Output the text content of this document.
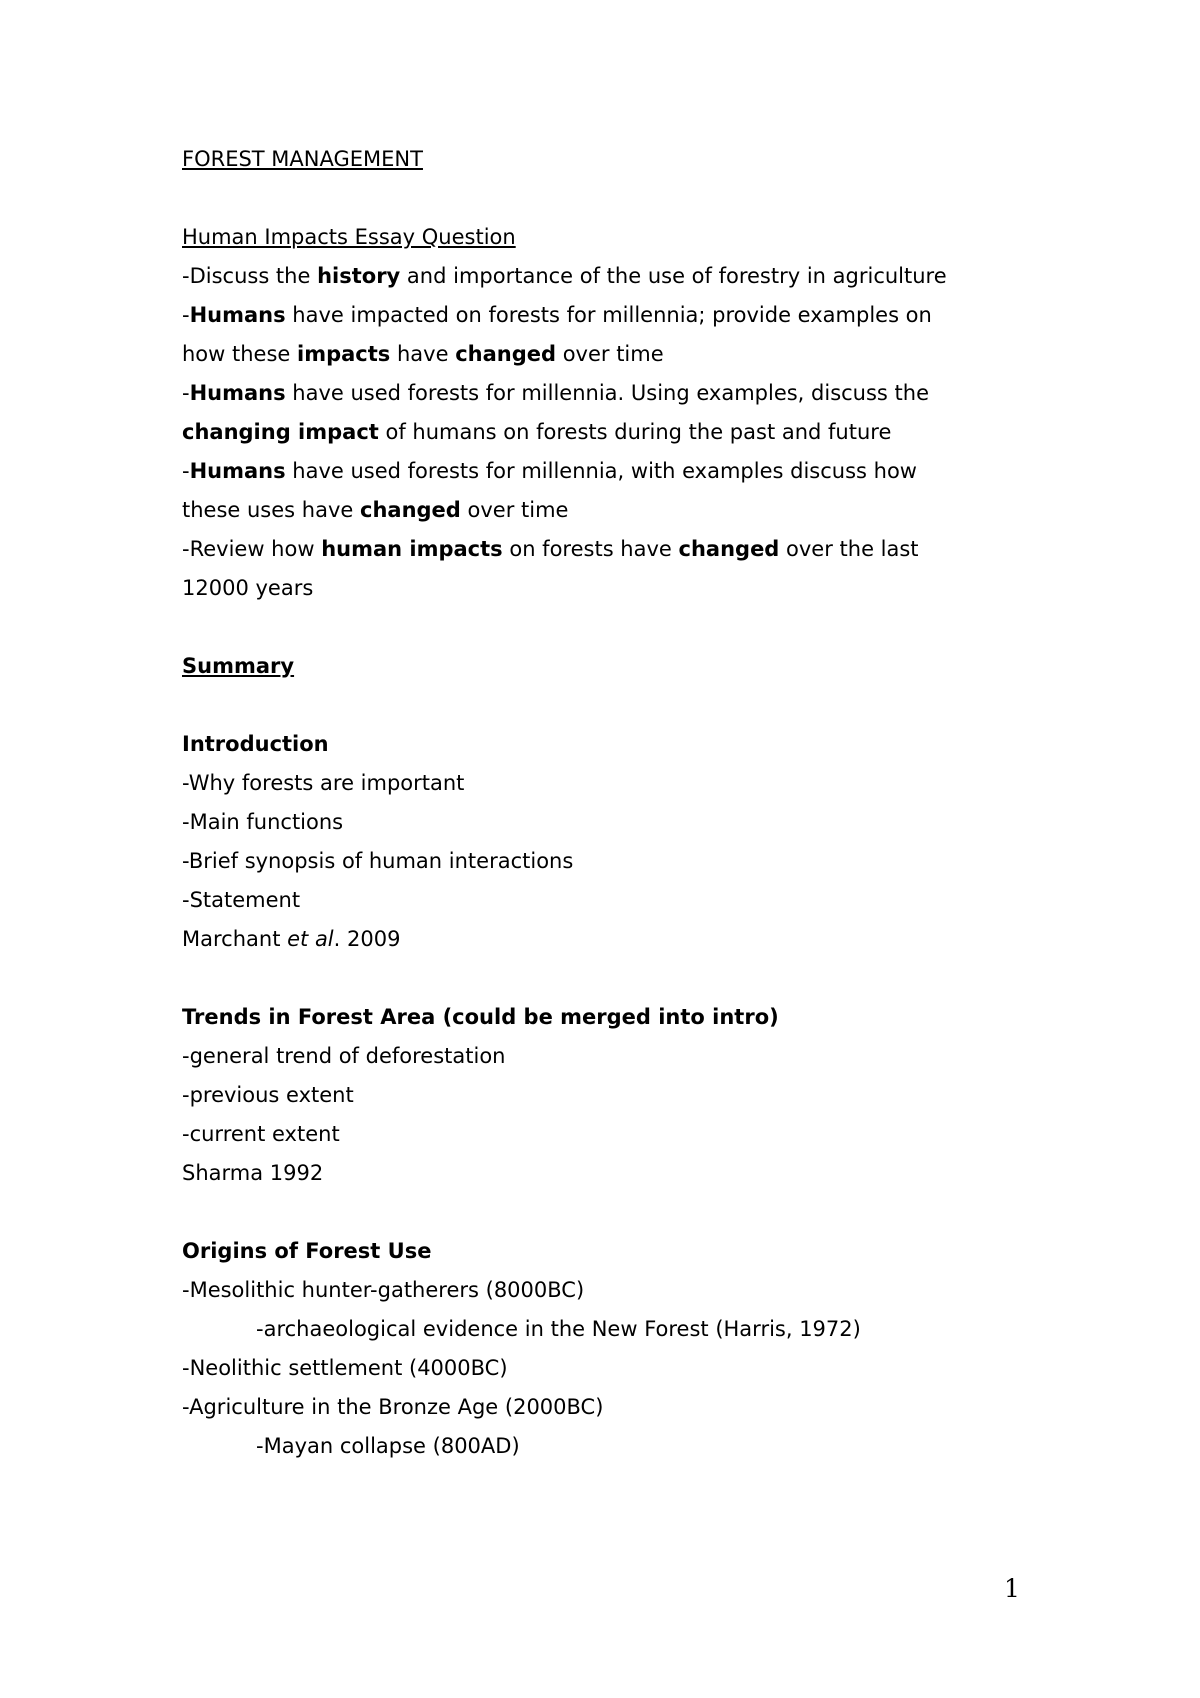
FOREST MANAGEMENT
Human Impacts Essay Question
-Discuss the history and importance of the use of forestry in agriculture
-Humans have impacted on forests for millennia; provide examples on
how these impacts have changed over time
-Humans have used forests for millennia. Using examples, discuss the
changing impact of humans on forests during the past and future
-Humans have used forests for millennia, with examples discuss how
these uses have changed over time
-Review how human impacts on forests have changed over the last
12000 years
Summary
Introduction
-Why forests are important
-Main functions
-Brief synopsis of human interactions
-Statement
Marchant et al. 2009
Trends in Forest Area (could be merged into intro)
-general trend of deforestation
-previous extent
-current extent
Sharma 1992
Origins of Forest Use
-Mesolithic hunter-gatherers (8000BC)
-archaeological evidence in the New Forest (Harris, 1972)
-Neolithic settlement (4000BC)
-Agriculture in the Bronze Age (2000BC)
-Mayan collapse (800AD)
1
